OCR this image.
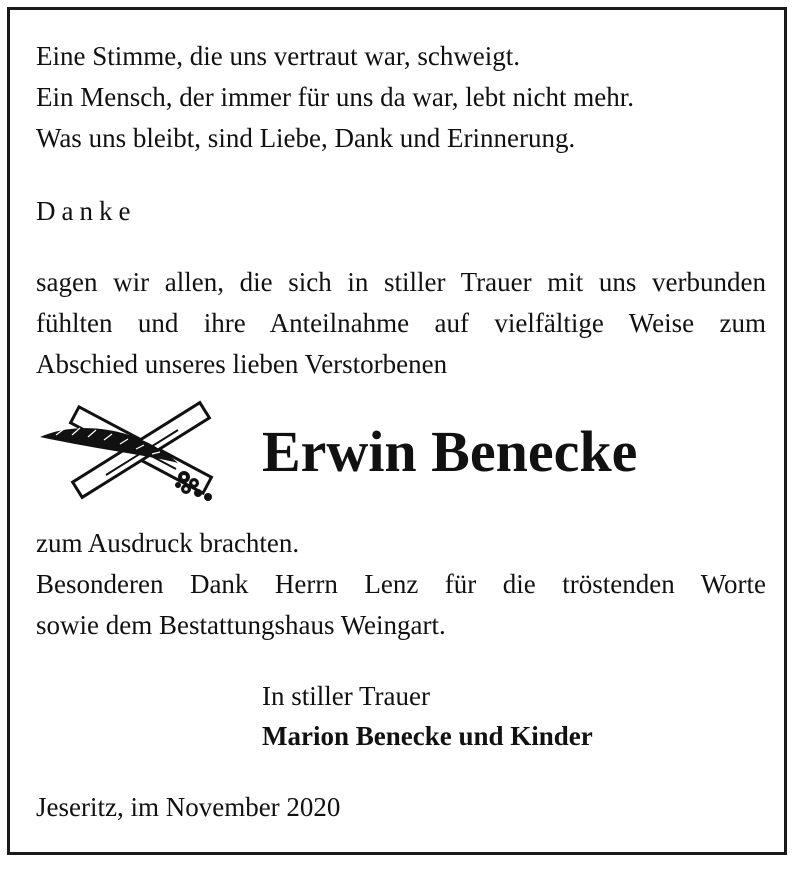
Eine Stimme, die uns vertraut war, schweigt.
Ein Mensch, der immer für uns da war, lebt nicht mehr.
Was uns bleibt, sind Liebe, Dank und Erinnerung.
Danke
sagen wir allen, die sich in stiller Trauer mit uns verbunden
fühlten und ihre Anteilnahme auf vielfältige Weise zum
Abschied unseres lieben Verstorbenen
Erwin Benecke
zum Ausdruck brachten.
Besonderen Dank Herrn Lenz für die tröstenden Worte
sowie dem Bestattungshaus Weingart.
In stiller Trauer
Marion Benecke und Kinder
Jeseritz, im November 2020
